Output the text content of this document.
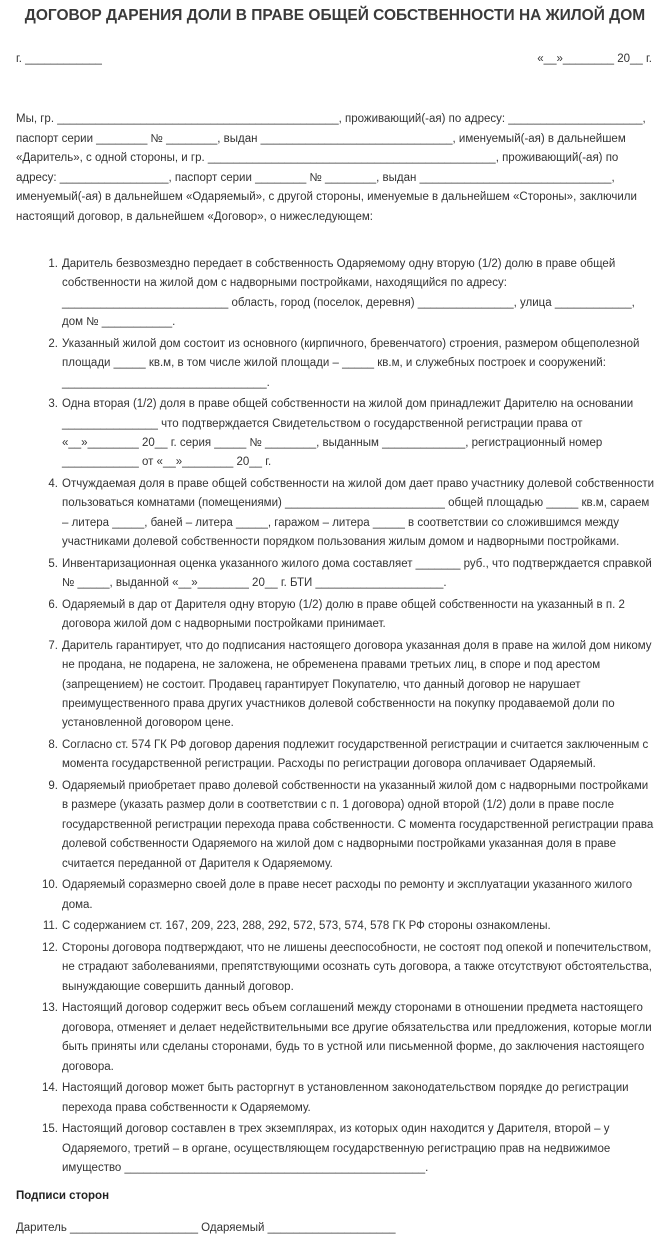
ДОГОВОР ДАРЕНИЯ ДОЛИ В ПРАВЕ ОБЩЕЙ СОБСТВЕННОСТИ НА ЖИЛОЙ ДОМ
г. ____________	«__»________ 20__ г.

Мы, гр. ____________________________________________, проживающий(-ая) по адресу: _____________________, паспорт серии ________ № ________, выдан ______________________________, именуемый(-ая) в дальнейшем «Даритель», с одной стороны, и гр. _____________________________________________, проживающий(-ая) по адресу: _________________, паспорт серии ________ № ________, выдан ______________________________, именуемый(-ая) в дальнейшем «Одаряемый», с другой стороны, именуемые в дальнейшем «Стороны», заключили настоящий договор, в дальнейшем «Договор», о нижеследующем:

1. Даритель безвозмездно передает в собственность Одаряемому одну вторую (1/2) долю в праве общей собственности на жилой дом с надворными постройками, находящийся по адресу: __________________________ область, город (поселок, деревня) _______________, улица ____________, дом № ___________.
2. Указанный жилой дом состоит из основного (кирпичного, бревенчатого) строения, размером общеполезной площади _____ кв.м, в том числе жилой площади – _____ кв.м, и служебных построек и сооружений: ________________________________.
3. Одна вторая (1/2) доля в праве общей собственности на жилой дом принадлежит Дарителю на основании _______________ что подтверждается Свидетельством о государственной регистрации права от «__»________ 20__ г. серия _____ № ________, выданным _____________, регистрационный номер ____________ от «__»________ 20__ г.
4. Отчуждаемая доля в праве общей собственности на жилой дом дает право участнику долевой собственности пользоваться комнатами (помещениями) _________________________ общей площадью _____ кв.м, сараем – литера _____, баней – литера _____, гаражом – литера _____ в соответствии со сложившимся между участниками долевой собственности порядком пользования жилым домом и надворными постройками.
5. Инвентаризационная оценка указанного жилого дома составляет _______ руб., что подтверждается справкой № _____, выданной «__»________ 20__ г. БТИ ____________________.
6. Одаряемый в дар от Дарителя одну вторую (1/2) долю в праве общей собственности на указанный в п. 2 договора жилой дом с надворными постройками принимает.
7. Даритель гарантирует, что до подписания настоящего договора указанная доля в праве на жилой дом никому не продана, не подарена, не заложена, не обременена правами третьих лиц, в споре и под арестом (запрещением) не состоит. Продавец гарантирует Покупателю, что данный договор не нарушает преимущественного права других участников долевой собственности на покупку продаваемой доли по установленной договором цене.
8. Согласно ст. 574 ГК РФ договор дарения подлежит государственной регистрации и считается заключенным с момента государственной регистрации. Расходы по регистрации договора оплачивает Одаряемый.
9. Одаряемый приобретает право долевой собственности на указанный жилой дом с надворными постройками в размере (указать размер доли в соответствии с п. 1 договора) одной второй (1/2) доли в праве после государственной регистрации перехода права собственности. С момента государственной регистрации права долевой собственности Одаряемого на жилой дом с надворными постройками указанная доля в праве считается переданной от Дарителя к Одаряемому.
10. Одаряемый соразмерно своей доле в праве несет расходы по ремонту и эксплуатации указанного жилого дома.
11. С содержанием ст. 167, 209, 223, 288, 292, 572, 573, 574, 578 ГК РФ стороны ознакомлены.
12. Стороны договора подтверждают, что не лишены дееспособности, не состоят под опекой и попечительством, не страдают заболеваниями, препятствующими осознать суть договора, а также отсутствуют обстоятельства, вынуждающие совершить данный договор.
13. Настоящий договор содержит весь объем соглашений между сторонами в отношении предмета настоящего договора, отменяет и делает недействительными все другие обязательства или предложения, которые могли быть приняты или сделаны сторонами, будь то в устной или письменной форме, до заключения настоящего договора.
14. Настоящий договор может быть расторгнут в установленном законодательством порядке до регистрации перехода права собственности к Одаряемому.
15. Настоящий договор составлен в трех экземплярах, из которых один находится у Дарителя, второй – у Одаряемого, третий – в органе, осуществляющем государственную регистрацию прав на недвижимое имущество _______________________________________________.
Подписи сторон
Даритель ____________________ Одаряемый ____________________
